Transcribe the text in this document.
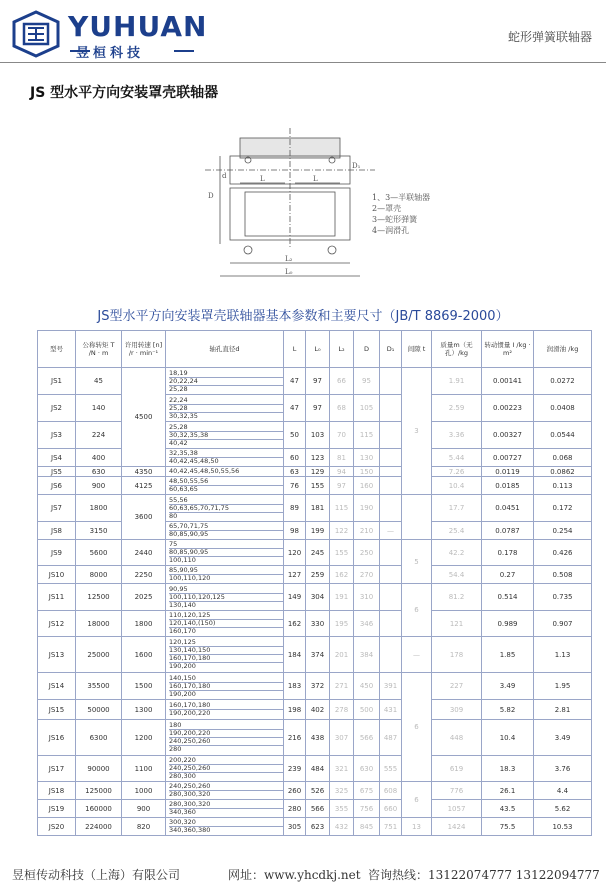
YUHUAN
昱桓科技
蛇形弹簧联轴器
JS 型水平方向安装罩壳联轴器
L	L
L₀
L₂
D
d
D₁
1、3—半联轴器
2—罩壳
3—蛇形弹簧
4—润滑孔
JS型水平方向安装罩壳联轴器基本参数和主要尺寸（JB/T 8869-2000）
型号	公称转矩 T
/N · m	许用转速 [n]
/r · min⁻¹	轴孔直径d	L	L₀	L₂	D	D₁	间隙 t	质量m（无孔）/kg	转动惯量 I /kg · m²	润滑油 /kg
JS1	45	4500	18,19
20,22,24
25,28	47	97	66	95		3	1.91	0.00141	0.0272
JS2	140		22,24
25,28
30,32,35	47	97	68	105			2.59	0.00223	0.0408
JS3	224		25,28
30,32,35,38
40,42	50	103	70	115			3.36	0.00327	0.0544
JS4	400		32,35,38
40,42,45,48,50	60	123	81	130			5.44	0.00727	0.068
JS5	630	4350	40,42,45,48,50,55,56	63	129	94	150			7.26	0.0119	0.0862
JS6	900	4125	48,50,55,56
60,63,65	76	155	97	160			10.4	0.0185	0.113
JS7	1800	3600	55,56
60,63,65,70,71,75
80	89	181	115	190			17.7	0.0451	0.172
JS8	3150		65,70,71,75
80,85,90,95	98	199	122	210	—		25.4	0.0787	0.254
JS9	5600	2440	75
80,85,90,95
100,110	120	245	155	250		5	42.2	0.178	0.426
JS10	8000	2250	85,90,95
100,110,120	127	259	162	270			54.4	0.27	0.508
JS11	12500	2025	90,95
100,110,120,125
130,140	149	304	191	310		6	81.2	0.514	0.735
JS12	18000	1800	110,120,125
120,140,(150)
160,170	162	330	195	346			121	0.989	0.907
JS13	25000	1600	120,125
130,140,150
160,170,180
190,200	184	374	201	384		—	178	1.85	1.13
JS14	35500	1500	140,150
160,170,180
190,200	183	372	271	450	391	6	227	3.49	1.95
JS15	50000	1300	160,170,180
190,200,220	198	402	278	500	431		309	5.82	2.81
JS16	6300	1200	180
190,200,220
240,250,260
280	216	438	307	566	487		448	10.4	3.49
JS17	90000	1100	200,220
240,250,260
280,300	239	484	321	630	555		619	18.3	3.76
JS18	125000	1000	240,250,260
280,300,320	260	526	325	675	608	6	776	26.1	4.4
JS19	160000	900	280,300,320
340,360	280	566	355	756	660		1057	43.5	5.62
JS20	224000	820	300,320
340,360,380	305	623	432	845	751	13	1424	75.5	10.53
昱桓传动科技（上海）有限公司	网址：www.yhcdkj.net 咨询热线：13122074777 13122094777
